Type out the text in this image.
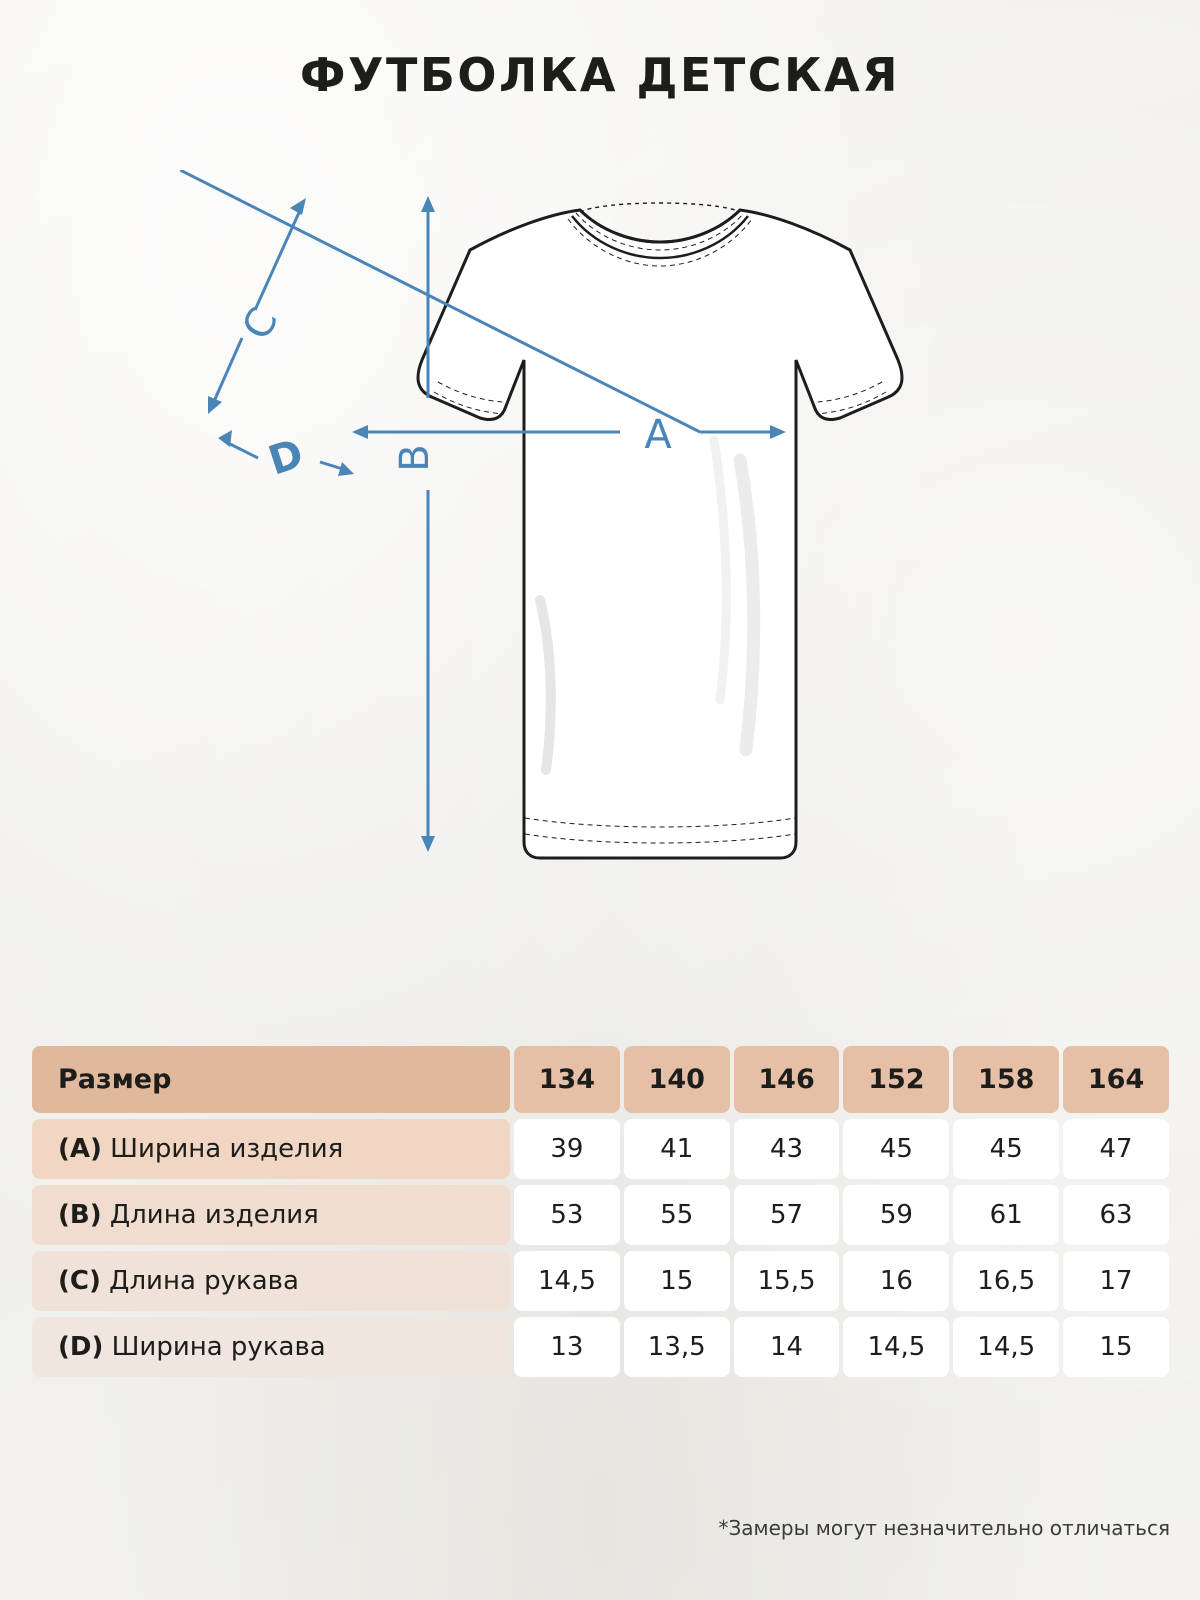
ФУТБОЛКА ДЕТСКАЯ
A
B
C
D
Размер	134	140	146	152	158	164
(A) Ширина изделия	39	41	43	45	45	47
(B) Длина изделия	53	55	57	59	61	63
(C) Длина рукава	14,5	15	15,5	16	16,5	17
(D) Ширина рукава	13	13,5	14	14,5	14,5	15
*Замеры могут незначительно отличаться
